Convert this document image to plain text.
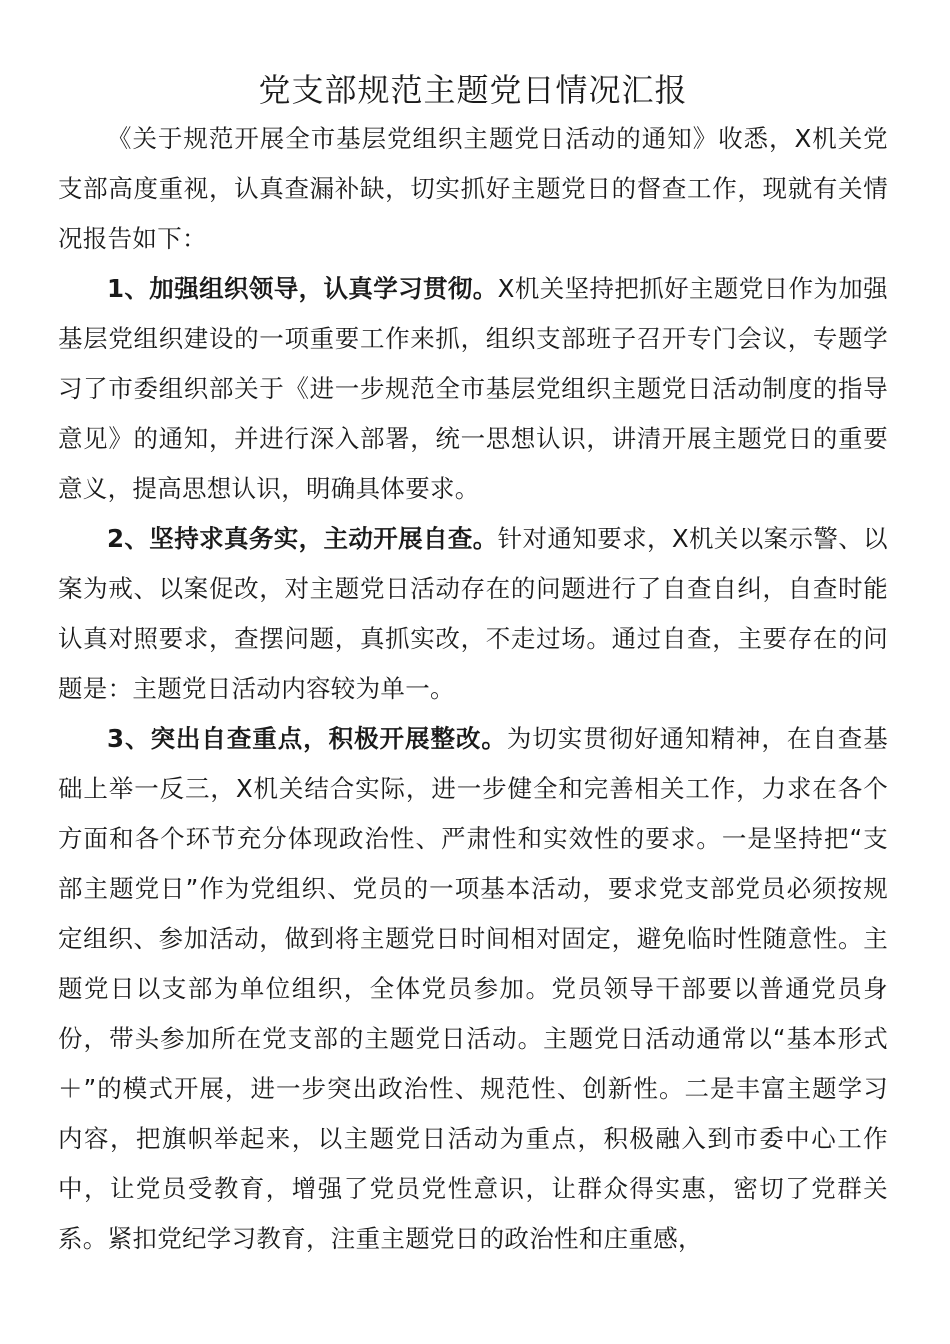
党支部规范主题党日情况汇报

《关于规范开展全市基层党组织主题党日活动的通知》收悉，X机关党支部高度重视，认真查漏补缺，切实抓好主题党日的督查工作，现就有关情况报告如下：

1、加强组织领导，认真学习贯彻。X机关坚持把抓好主题党日作为加强基层党组织建设的一项重要工作来抓，组织支部班子召开专门会议，专题学习了市委组织部关于《进一步规范全市基层党组织主题党日活动制度的指导意见》的通知，并进行深入部署，统一思想认识，讲清开展主题党日的重要意义，提高思想认识，明确具体要求。

2、坚持求真务实，主动开展自查。针对通知要求，X机关以案示警、以案为戒、以案促改，对主题党日活动存在的问题进行了自查自纠，自查时能认真对照要求，查摆问题，真抓实改，不走过场。通过自查，主要存在的问题是：主题党日活动内容较为单一。

3、突出自查重点，积极开展整改。为切实贯彻好通知精神，在自查基础上举一反三，X机关结合实际，进一步健全和完善相关工作，力求在各个方面和各个环节充分体现政治性、严肃性和实效性的要求。一是坚持把“支部主题党日”作为党组织、党员的一项基本活动，要求党支部党员必须按规定组织、参加活动，做到将主题党日时间相对固定，避免临时性随意性。主题党日以支部为单位组织，全体党员参加。党员领导干部要以普通党员身份，带头参加所在党支部的主题党日活动。主题党日活动通常以“基本形式＋”的模式开展，进一步突出政治性、规范性、创新性。二是丰富主题学习内容，把旗帜举起来，以主题党日活动为重点，积极融入到市委中心工作中，让党员受教育，增强了党员党性意识，让群众得实惠，密切了党群关系。紧扣党纪学习教育，注重主题党日的政治性和庄重感，
